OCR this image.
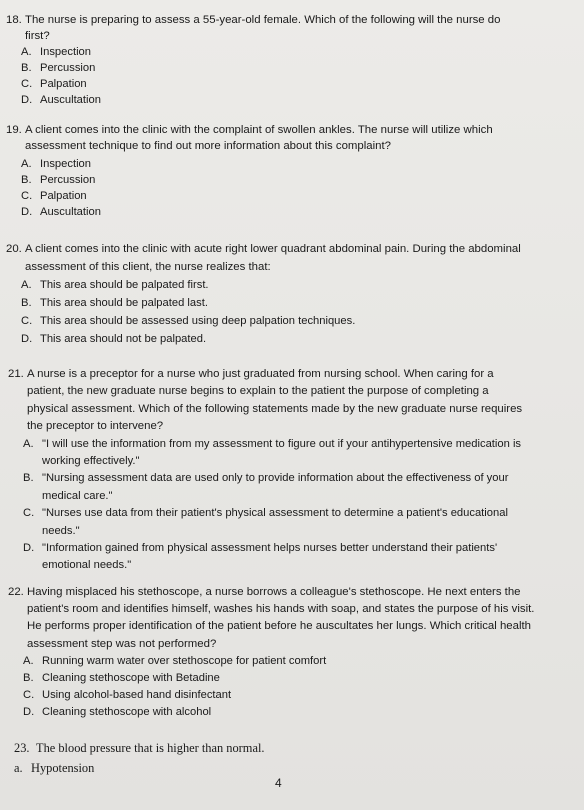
18. The nurse is preparing to assess a 55-year-old female. Which of the following will the nurse do first?
A. Inspection
B. Percussion
C. Palpation
D. Auscultation
19. A client comes into the clinic with the complaint of swollen ankles. The nurse will utilize which assessment technique to find out more information about this complaint?
A. Inspection
B. Percussion
C. Palpation
D. Auscultation
20. A client comes into the clinic with acute right lower quadrant abdominal pain. During the abdominal assessment of this client, the nurse realizes that:
A. This area should be palpated first.
B. This area should be palpated last.
C. This area should be assessed using deep palpation techniques.
D. This area should not be palpated.
21. A nurse is a preceptor for a nurse who just graduated from nursing school. When caring for a patient, the new graduate nurse begins to explain to the patient the purpose of completing a physical assessment. Which of the following statements made by the new graduate nurse requires the preceptor to intervene?
A. "I will use the information from my assessment to figure out if your antihypertensive medication is working effectively."
B. "Nursing assessment data are used only to provide information about the effectiveness of your medical care."
C. "Nurses use data from their patient's physical assessment to determine a patient's educational needs."
D. "Information gained from physical assessment helps nurses better understand their patients' emotional needs."
22. Having misplaced his stethoscope, a nurse borrows a colleague's stethoscope. He next enters the patient's room and identifies himself, washes his hands with soap, and states the purpose of his visit. He performs proper identification of the patient before he auscultates her lungs. Which critical health assessment step was not performed?
A. Running warm water over stethoscope for patient comfort
B. Cleaning stethoscope with Betadine
C. Using alcohol-based hand disinfectant
D. Cleaning stethoscope with alcohol
23. The blood pressure that is higher than normal.
a. Hypotension
4
